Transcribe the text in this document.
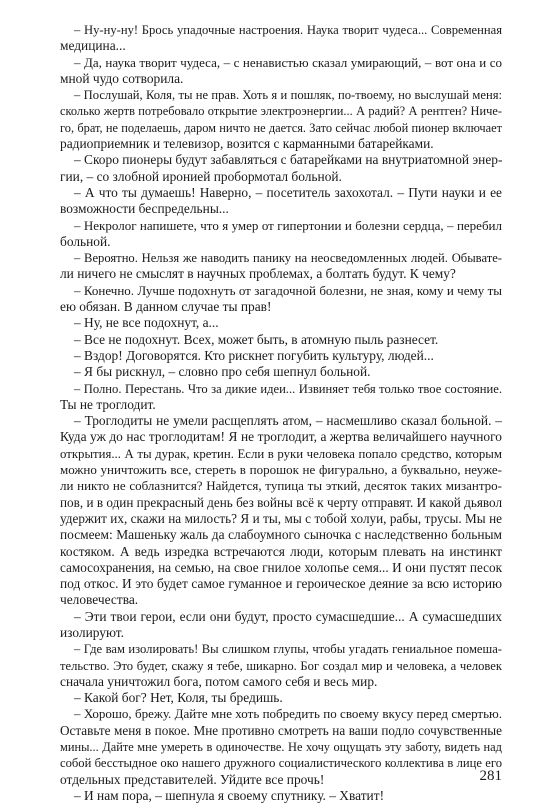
– Ну-ну-ну! Брось упадочные настроения. Наука творит чудеса... Современная
медицина...
– Да, наука творит чудеса, – с ненавистью сказал умирающий, – вот она и со
мной чудо сотворила.
– Послушай, Коля, ты не прав. Хоть я и пошляк, по-твоему, но выслушай меня:
сколько жертв потребовало открытие электроэнергии... А радий? А рентген? Ниче-
го, брат, не поделаешь, даром ничто не дается. Зато сейчас любой пионер включает
радиоприемник и телевизор, возится с карманными батарейками.
– Скоро пионеры будут забавляться с батарейками на внутриатомной энер-
гии, – со злобной иронией пробормотал больной.
– А что ты думаешь! Наверно, – посетитель захохотал. – Пути науки и ее
возможности беспредельны...
– Некролог напишете, что я умер от гипертонии и болезни сердца, – перебил
больной.
– Вероятно. Нельзя же наводить панику на неосведомленных людей. Обывате-
ли ничего не смыслят в научных проблемах, а болтать будут. К чему?
– Конечно. Лучше подохнуть от загадочной болезни, не зная, кому и чему ты
ею обязан. В данном случае ты прав!
– Ну, не все подохнут, а...
– Все не подохнут. Всех, может быть, в атомную пыль разнесет.
– Вздор! Договорятся. Кто рискнет погубить культуру, людей...
– Я бы рискнул, – словно про себя шепнул больной.
– Полно. Перестань. Что за дикие идеи... Извиняет тебя только твое состояние.
Ты не троглодит.
– Троглодиты не умели расщеплять атом, – насмешливо сказал больной. –
Куда уж до нас троглодитам! Я не троглодит, а жертва величайшего научного
открытия... А ты дурак, кретин. Если в руки человека попало средство, которым
можно уничтожить все, стереть в порошок не фигурально, а буквально, неуже-
ли никто не соблазнится? Найдется, тупица ты эткий, десяток таких мизантро-
пов, и в один прекрасный день без войны всё к черту отправят. И какой дьявол
удержит их, скажи на милость? Я и ты, мы с тобой холуи, рабы, трусы. Мы не
посмеем: Машеньку жаль да слабоумного сыночка с наследственно больным
костяком. А ведь изредка встречаются люди, которым плевать на инстинкт
самосохранения, на семью, на свое гнилое холопье семя... И они пустят песок
под откос. И это будет самое гуманное и героическое деяние за всю историю
человечества.
– Эти твои герои, если они будут, просто сумасшедшие... А сумасшедших
изолируют.
– Где вам изолировать! Вы слишком глупы, чтобы угадать гениальное помеша-
тельство. Это будет, скажу я тебе, шикарно. Бог создал мир и человека, а человек
сначала уничтожил бога, потом самого себя и весь мир.
– Какой бог? Нет, Коля, ты бредишь.
– Хорошо, брежу. Дайте мне хоть побредить по своему вкусу перед смертью.
Оставьте меня в покое. Мне противно смотреть на ваши подло сочувственные
мины... Дайте мне умереть в одиночестве. Не хочу ощущать эту заботу, видеть над
собой бесстыдное око нашего дружного социалистического коллектива в лице его
отдельных представителей. Уйдите все прочь!
– И нам пора, – шепнула я своему спутнику. – Хватит!
281
